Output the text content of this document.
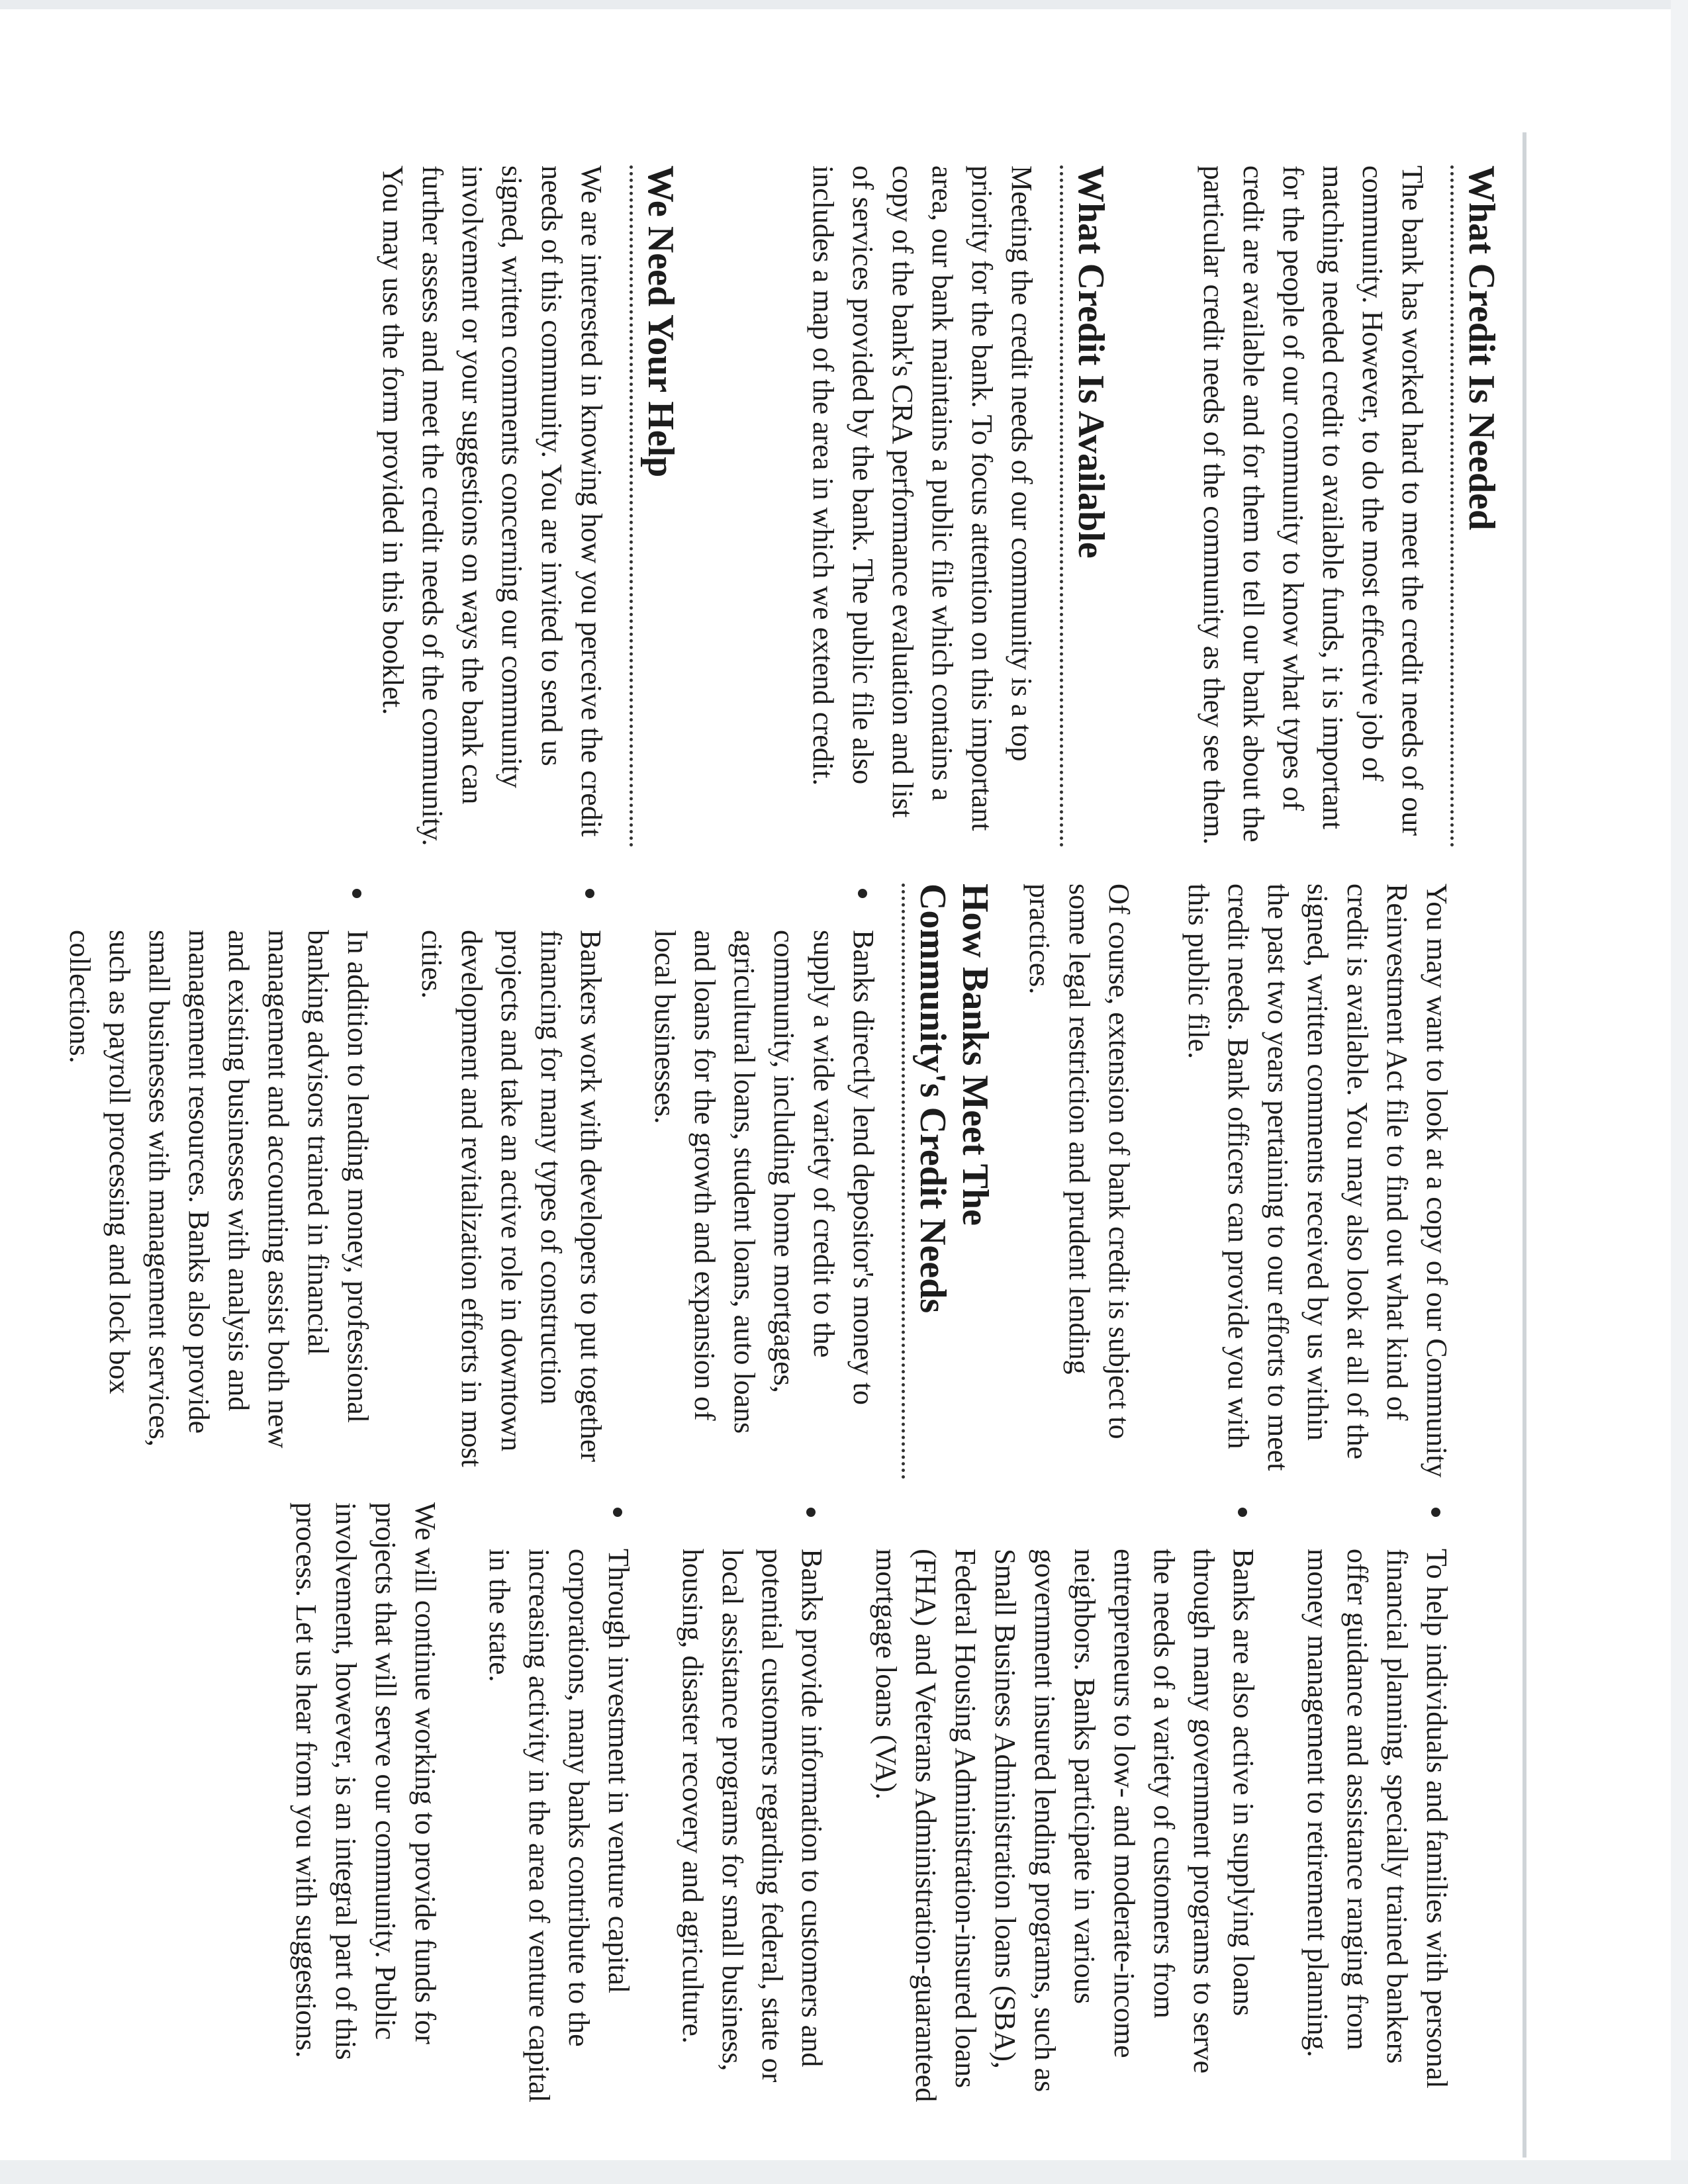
What Credit Is Needed

The bank has worked hard to meet the credit needs of our community. However, to do the most effective job of matching needed credit to available funds, it is important for the people of our community to know what types of credit are available and for them to tell our bank about the particular credit needs of the community as they see them.

What Credit Is Available

Meeting the credit needs of our community is a top priority for the bank. To focus attention on this important area, our bank maintains a public file which contains a copy of the bank's CRA performance evaluation and list of services provided by the bank. The public file also includes a map of the area in which we extend credit.

We Need Your Help

We are interested in knowing how you perceive the credit needs of this community. You are invited to send us signed, written comments concerning our community involvement or your suggestions on ways the bank can further assess and meet the credit needs of the community. You may use the form provided in this booklet.

You may want to look at a copy of our Community Reinvestment Act file to find out what kind of credit is available. You may also look at all of the signed, written comments received by us within the past two years pertaining to our efforts to meet credit needs. Bank officers can provide you with this public file.

Of course, extension of bank credit is subject to some legal restriction and prudent lending practices.

How Banks Meet The
Community's Credit Needs
Banks directly lend depositor's money to supply a wide variety of credit to the community, including home mortgages, agricultural loans, student loans, auto loans and loans for the growth and expansion of local businesses.
Bankers work with developers to put together financing for many types of construction projects and take an active role in downtown development and revitalization efforts in most cities.
In addition to lending money, professional banking advisors trained in financial management and accounting assist both new and existing businesses with analysis and management resources. Banks also provide small businesses with management services, such as payroll processing and lock box collections.
To help individuals and families with personal financial planning, specially trained bankers offer guidance and assistance ranging from money management to retirement planning.
Banks are also active in supplying loans through many government programs to serve the needs of a variety of customers from entrepreneurs to low- and moderate-income neighbors. Banks participate in various government insured lending programs, such as Small Business Administration loans (SBA), Federal Housing Administration-insured loans (FHA) and Veterans Administration-guaranteed mortgage loans (VA).
Banks provide information to customers and potential customers regarding federal, state or local assistance programs for small business, housing, disaster recovery and agriculture.
Through investment in venture capital corporations, many banks contribute to the increasing activity in the area of venture capital in the state.

We will continue working to provide funds for projects that will serve our community. Public involvement, however, is an integral part of this process. Let us hear from you with suggestions.
